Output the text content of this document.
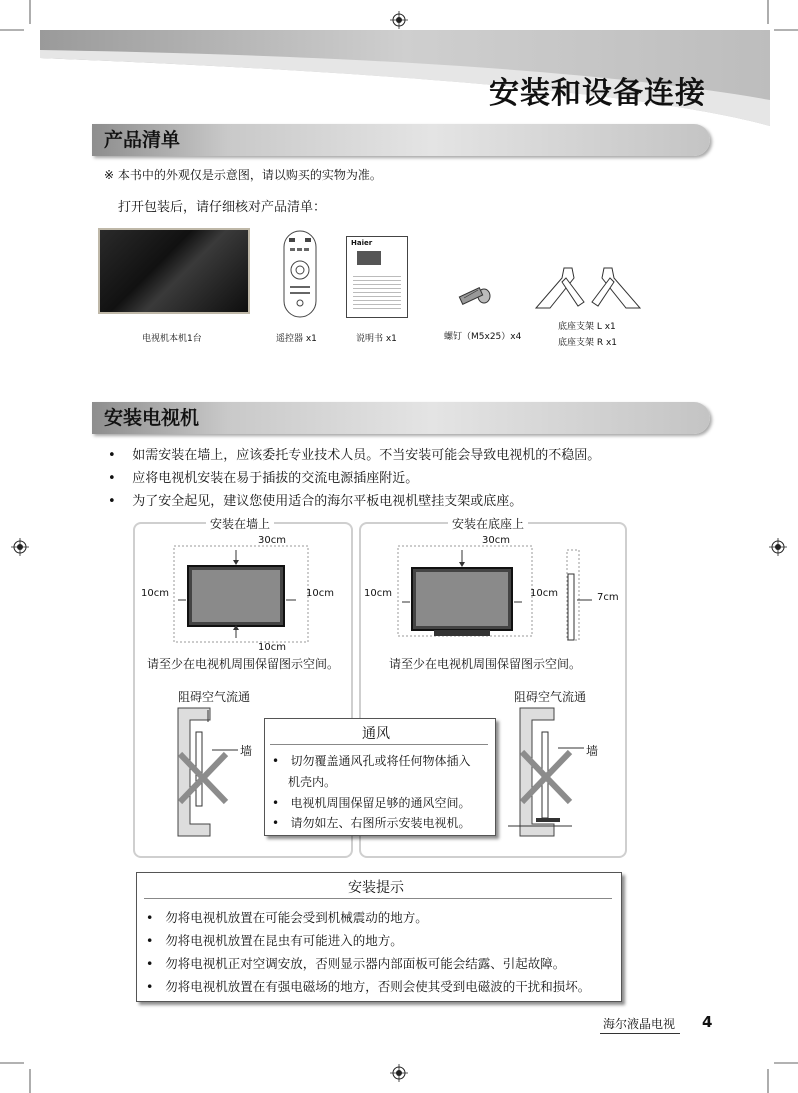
安装和设备连接
产品清单
※ 本书中的外观仅是示意图，请以购买的实物为准。
打开包装后，请仔细核对产品清单：
电视机本机1台	遥控器 x1
Haier
说明书 x1	螺钉（M5x25）x4
底座支架 L x1
底座支架 R x1
安装电视机
•    如需安装在墙上，应该委托专业技术人员。不当安装可能会导致电视机的不稳固。
•    应将电视机安装在易于插拔的交流电源插座附近。
•    为了安全起见，建议您使用适合的海尔平板电视机壁挂支架或底座。
安装在墙上
30cm
10cm	10cm
10cm
请至少在电视机周围保留图示空间。
阻碍空气流通
墙
安装在底座上
30cm
10cm	10cm	7cm
请至少在电视机周围保留图示空间。
阻碍空气流通
墙
通风
•   切勿覆盖通风孔或将任何物体插入
机壳内。
•   电视机周围保留足够的通风空间。
•   请勿如左、右图所示安装电视机。
安装提示
•   勿将电视机放置在可能会受到机械震动的地方。
•   勿将电视机放置在昆虫有可能进入的地方。
•   勿将电视机正对空调安放，否则显示器内部面板可能会结露、引起故障。
•   勿将电视机放置在有强电磁场的地方，否则会使其受到电磁波的干扰和损坏。
海尔液晶电视 4
